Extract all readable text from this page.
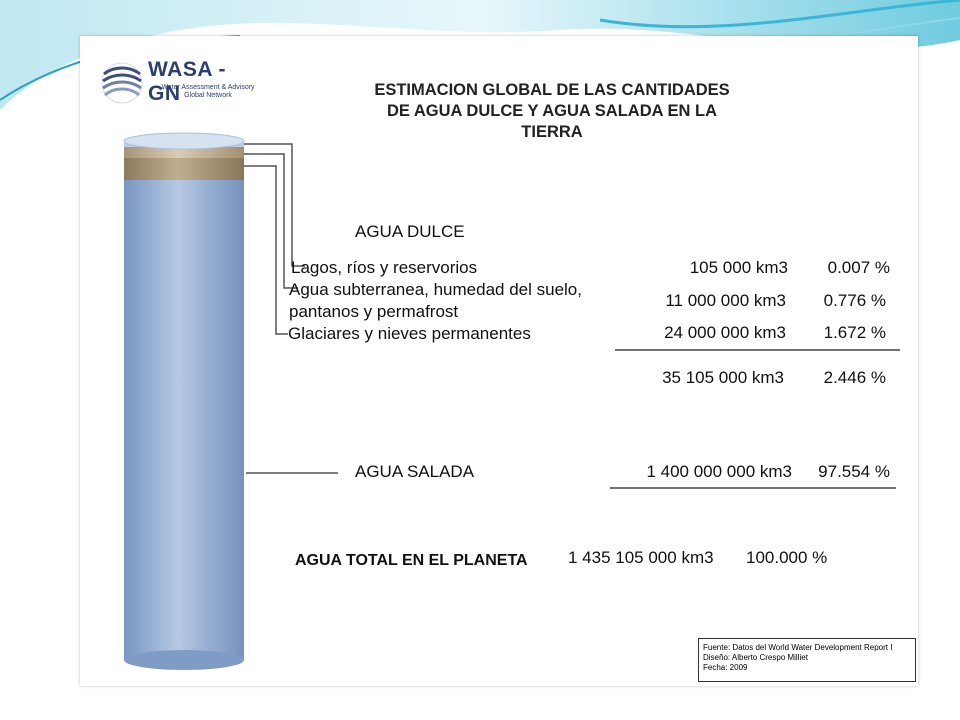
WASA - GN
Water Assessment & Advisory
Global Network	ESTIMACION GLOBAL DE LAS CANTIDADES
DE AGUA DULCE Y AGUA SALADA EN LA
TIERRA
AGUA DULCE
Lagos, ríos y reservorios	105 000 km3	0.007 %
Agua subterranea, humedad del suelo,
pantanos y permafrost
11 000 000 km3	0.776 %
Glaciares y nieves permanentes	24 000 000 km3	1.672 %
35 105 000 km3	2.446 %
AGUA SALADA	1 400 000 000 km3	97.554 %
AGUA TOTAL EN EL PLANETA 1 435 105 000 km3 100.000 %
Fuente: Datos del World Water Development Report I
Diseño: Alberto Crespo Milliet
Fecha: 2009
